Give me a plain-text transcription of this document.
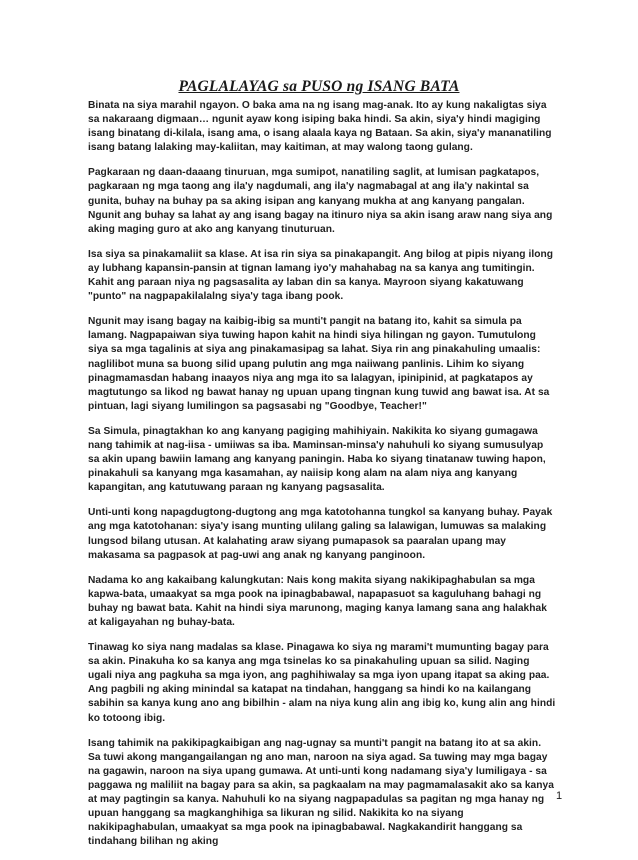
PAGLALAYAG sa PUSO ng ISANG BATA

Binata na siya marahil ngayon. O baka ama na ng isang mag-anak. Ito ay kung nakaligtas siya sa nakaraang digmaan… ngunit ayaw kong isiping baka hindi. Sa akin, siya'y hindi magiging isang binatang di-kilala, isang ama, o isang alaala kaya ng Bataan. Sa akin, siya'y mananatiling isang batang lalaking may-kaliitan, may kaitiman, at may walong taong gulang.

Pagkaraan ng daan-daaang tinuruan, mga sumipot, nanatiling saglit, at lumisan pagkatapos, pagkaraan ng mga taong ang ila'y nagdumali, ang ila'y nagmabagal at ang ila'y nakintal sa gunita, buhay na buhay pa sa aking isipan ang kanyang mukha at ang kanyang pangalan. Ngunit ang buhay sa lahat ay ang isang bagay na itinuro niya sa akin isang araw nang siya ang aking maging guro at ako ang kanyang tinuturuan.

Isa siya sa pinakamaliit sa klase. At isa rin siya sa pinakapangit. Ang bilog at pipis niyang ilong ay lubhang kapansin-pansin at tignan lamang iyo'y mahahabag na sa kanya ang tumitingin. Kahit ang paraan niya ng pagsasalita ay laban din sa kanya. Mayroon siyang kakatuwang "punto" na nagpapakilalalng siya'y taga ibang pook.

Ngunit may isang bagay na kaibig-ibig sa munti't pangit na batang ito, kahit sa simula pa lamang. Nagpapaiwan siya tuwing hapon kahit na hindi siya hilingan ng gayon. Tumutulong siya sa mga tagalinis at siya ang pinakamasipag sa lahat. Siya rin ang pinakahuling umaalis: naglilibot muna sa buong silid upang pulutin ang mga naiiwang panlinis. Lihim ko siyang pinagmamasdan habang inaayos niya ang mga ito sa lalagyan, ipinipinid, at pagkatapos ay magtutungo sa likod ng bawat hanay ng upuan upang tingnan kung tuwid ang bawat isa. At sa pintuan, lagi siyang lumilingon sa pagsasabi ng "Goodbye, Teacher!"

Sa Simula, pinagtakhan ko ang kanyang pagiging mahihiyain. Nakikita ko siyang gumagawa nang tahimik at nag-iisa - umiiwas sa iba. Maminsan-minsa'y nahuhuli ko siyang sumusulyap sa akin upang bawiin lamang ang kanyang paningin. Haba ko siyang tinatanaw tuwing hapon, pinakahuli sa kanyang mga kasamahan, ay naiisip kong alam na alam niya ang kanyang kapangitan, ang katutuwang paraan ng kanyang pagsasalita.

Unti-unti kong napagdugtong-dugtong ang mga katotohanna tungkol sa kanyang buhay. Payak ang mga katotohanan: siya'y isang munting ulilang galing sa lalawigan, lumuwas sa malaking lungsod bilang utusan. At kalahating araw siyang pumapasok sa paaralan upang may makasama sa pagpasok at pag-uwi ang anak ng kanyang panginoon.

Nadama ko ang kakaibang kalungkutan: Nais kong makita siyang nakikipaghabulan sa mga kapwa-bata, umaakyat sa mga pook na ipinagbabawal, napapasuot sa kaguluhang bahagi ng buhay ng bawat bata. Kahit na hindi siya marunong, maging kanya lamang sana ang halakhak at kaligayahan ng buhay-bata.

Tinawag ko siya nang madalas sa klase. Pinagawa ko siya ng marami't mumunting bagay para sa akin. Pinakuha ko sa kanya ang mga tsinelas ko sa pinakahuling upuan sa silid. Naging ugali niya ang pagkuha sa mga iyon, ang paghihiwalay sa mga iyon upang itapat sa aking paa. Ang pagbili ng aking minindal sa katapat na tindahan, hanggang sa hindi ko na kailangang sabihin sa kanya kung ano ang bibilhin - alam na niya kung alin ang ibig ko, kung alin ang hindi ko totoong ibig.

Isang tahimik na pakikipagkaibigan ang nag-ugnay sa munti't pangit na batang ito at sa akin. Sa tuwi akong mangangailangan ng ano man, naroon na siya agad. Sa tuwing may mga bagay na gagawin, naroon na siya upang gumawa. At unti-unti kong nadamang siya'y lumiligaya - sa paggawa ng maliliit na bagay para sa akin, sa pagkaalam na may pagmamalasakit ako sa kanya at may pagtingin sa kanya. Nahuhuli ko na siyang nagpapadulas sa pagitan ng mga hanay ng upuan hanggang sa magkanghihiga sa likuran ng silid. Nakikita ko na siyang nakikipaghabulan, umaakyat sa mga pook na ipinagbabawal. Nagkakandirit hanggang sa tindahang bilihan ng aking

1
